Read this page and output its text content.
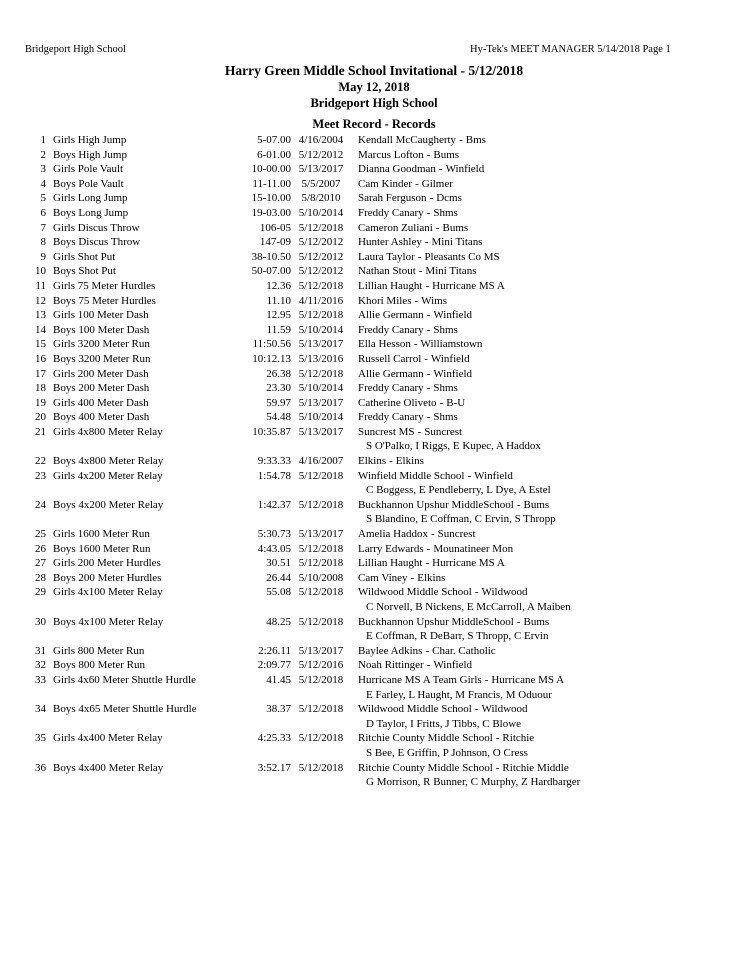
Bridgeport High School	Hy-Tek's MEET MANAGER 5/14/2018 Page 1
Harry Green Middle School Invitational - 5/12/2018
May 12, 2018
Bridgeport High School
Meet Record - Records
1 Girls High Jump	5-07.00 4/16/2004	Kendall McCaugherty - Bms
2 Boys High Jump	6-01.00 5/12/2012	Marcus Lofton - Bums
3 Girls Pole Vault	10-00.00 5/13/2017	Dianna Goodman - Winfield
4 Boys Pole Vault	11-11.00 5/5/2007	Cam Kinder - Gilmer
5 Girls Long Jump	15-10.00 5/8/2010	Sarah Ferguson - Dcms
6 Boys Long Jump	19-03.00 5/10/2014	Freddy Canary - Shms
7 Girls Discus Throw	106-05 5/12/2018	Cameron Zuliani - Bums
8 Boys Discus Throw	147-09 5/12/2012	Hunter Ashley - Mini Titans
9 Girls Shot Put	38-10.50 5/12/2012	Laura Taylor - Pleasants Co MS
10 Boys Shot Put	50-07.00 5/12/2012	Nathan Stout - Mini Titans
11 Girls 75 Meter Hurdles	12.36 5/12/2018	Lillian Haught - Hurricane MS A
12 Boys 75 Meter Hurdles	11.10 4/11/2016	Khori Miles - Wims
13 Girls 100 Meter Dash	12.95 5/12/2018	Allie Germann - Winfield
14 Boys 100 Meter Dash	11.59 5/10/2014	Freddy Canary - Shms
15 Girls 3200 Meter Run	11:50.56 5/13/2017	Ella Hesson - Williamstown
16 Boys 3200 Meter Run	10:12.13 5/13/2016	Russell Carrol - Winfield
17 Girls 200 Meter Dash	26.38 5/12/2018	Allie Germann - Winfield
18 Boys 200 Meter Dash	23.30 5/10/2014	Freddy Canary - Shms
19 Girls 400 Meter Dash	59.97 5/13/2017	Catherine Oliveto - B-U
20 Boys 400 Meter Dash	54.48 5/10/2014	Freddy Canary - Shms
21 Girls 4x800 Meter Relay	10:35.87 5/13/2017	Suncrest MS - Suncrest
S O'Palko, I Riggs, E Kupec, A Haddox
22 Boys 4x800 Meter Relay	9:33.33 4/16/2007	Elkins - Elkins
23 Girls 4x200 Meter Relay	1:54.78 5/12/2018	Winfield Middle School - Winfield
C Boggess, E Pendleberry, L Dye, A Estel
24 Boys 4x200 Meter Relay	1:42.37 5/12/2018	Buckhannon Upshur MiddleSchool - Bums
S Blandino, E Coffman, C Ervin, S Thropp
25 Girls 1600 Meter Run	5:30.73 5/13/2017	Amelia Haddox - Suncrest
26 Boys 1600 Meter Run	4:43.05 5/12/2018	Larry Edwards - Mounatineer Mon
27 Girls 200 Meter Hurdles	30.51 5/12/2018	Lillian Haught - Hurricane MS A
28 Boys 200 Meter Hurdles	26.44 5/10/2008	Cam Viney - Elkins
29 Girls 4x100 Meter Relay	55.08 5/12/2018	Wildwood Middle School - Wildwood
C Norvell, B Nickens, E McCarroll, A Maiben
30 Boys 4x100 Meter Relay	48.25 5/12/2018	Buckhannon Upshur MiddleSchool - Bums
E Coffman, R DeBarr, S Thropp, C Ervin
31 Girls 800 Meter Run	2:26.11 5/13/2017	Baylee Adkins - Char. Catholic
32 Boys 800 Meter Run	2:09.77 5/12/2016	Noah Rittinger - Winfield
33 Girls 4x60 Meter Shuttle Hurdle	41.45 5/12/2018	Hurricane MS A Team Girls - Hurricane MS A
E Farley, L Haught, M Francis, M Oduour
34 Boys 4x65 Meter Shuttle Hurdle	38.37 5/12/2018	Wildwood Middle School - Wildwood
D Taylor, I Fritts, J Tibbs, C Blowe
35 Girls 4x400 Meter Relay	4:25.33 5/12/2018	Ritchie County Middle School - Ritchie
S Bee, E Griffin, P Johnson, O Cress
36 Boys 4x400 Meter Relay	3:52.17 5/12/2018	Ritchie County Middle School - Ritchie Middle
G Morrison, R Bunner, C Murphy, Z Hardbarger
